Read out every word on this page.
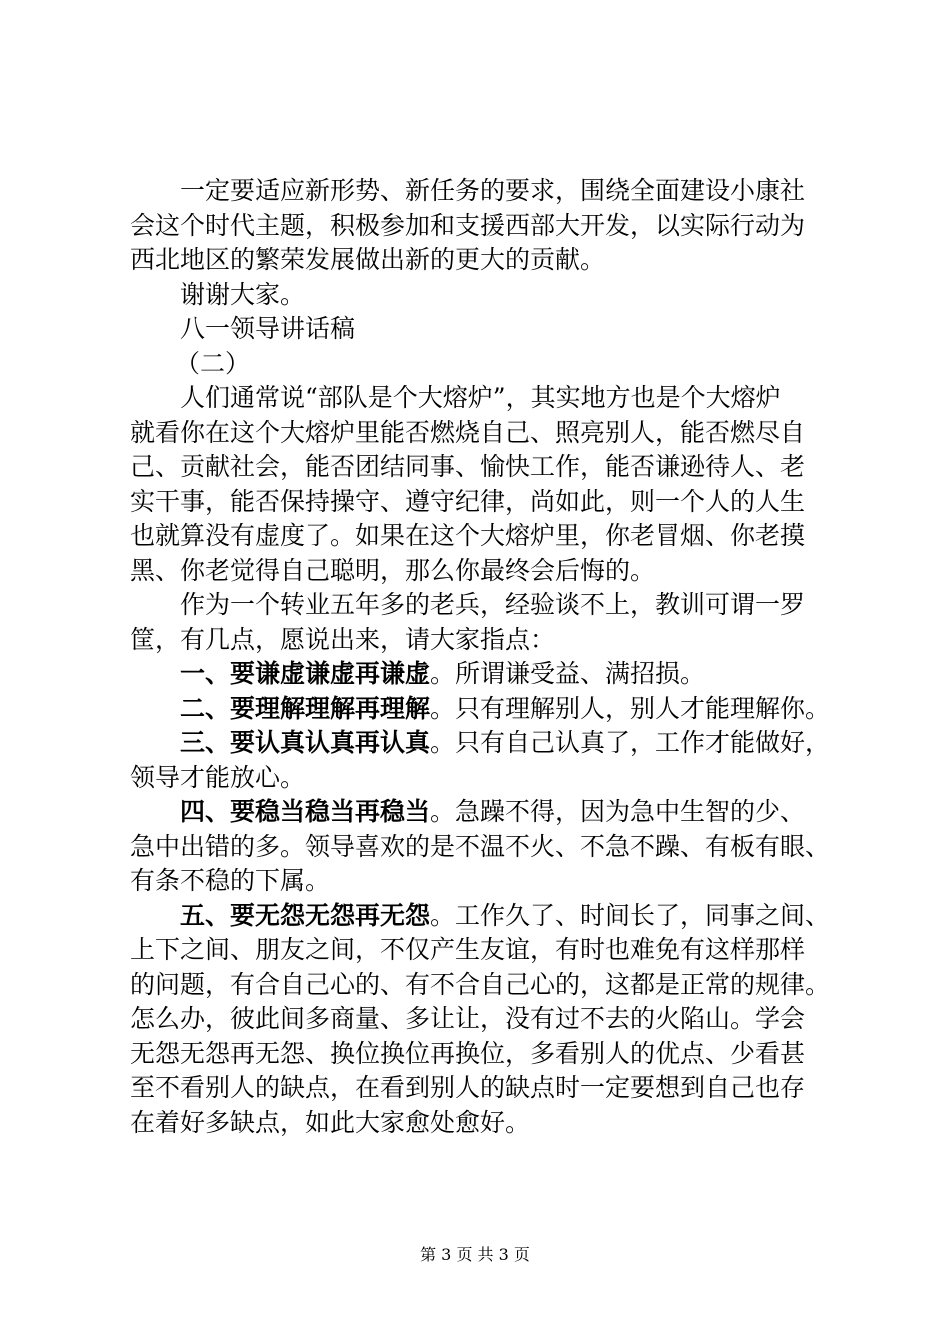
一定要适应新形势、新任务的要求，围绕全面建设小康社
会这个时代主题，积极参加和支援西部大开发，以实际行动为
西北地区的繁荣发展做出新的更大的贡献。
谢谢大家。
八一领导讲话稿
（二）
人们通常说“部队是个大熔炉”，其实地方也是个大熔炉
就看你在这个大熔炉里能否燃烧自己、照亮别人，能否燃尽自
己、贡献社会，能否团结同事、愉快工作，能否谦逊待人、老
实干事，能否保持操守、遵守纪律，尚如此，则一个人的人生
也就算没有虚度了。如果在这个大熔炉里，你老冒烟、你老摸
黑、你老觉得自己聪明，那么你最终会后悔的。
作为一个转业五年多的老兵，经验谈不上，教训可谓一罗
筐，有几点，愿说出来，请大家指点：
一、要谦虚谦虚再谦虚。所谓谦受益、满招损。
二、要理解理解再理解。只有理解别人，别人才能理解你。
三、要认真认真再认真。只有自己认真了，工作才能做好，
领导才能放心。
四、要稳当稳当再稳当。急躁不得，因为急中生智的少、
急中出错的多。领导喜欢的是不温不火、不急不躁、有板有眼、
有条不稳的下属。
五、要无怨无怨再无怨。工作久了、时间长了，同事之间、
上下之间、朋友之间，不仅产生友谊，有时也难免有这样那样
的问题，有合自己心的、有不合自己心的，这都是正常的规律。
怎么办，彼此间多商量、多让让，没有过不去的火陷山。学会
无怨无怨再无怨、换位换位再换位，多看别人的优点、少看甚
至不看别人的缺点，在看到别人的缺点时一定要想到自己也存
在着好多缺点，如此大家愈处愈好。
第 3 页 共 3 页
